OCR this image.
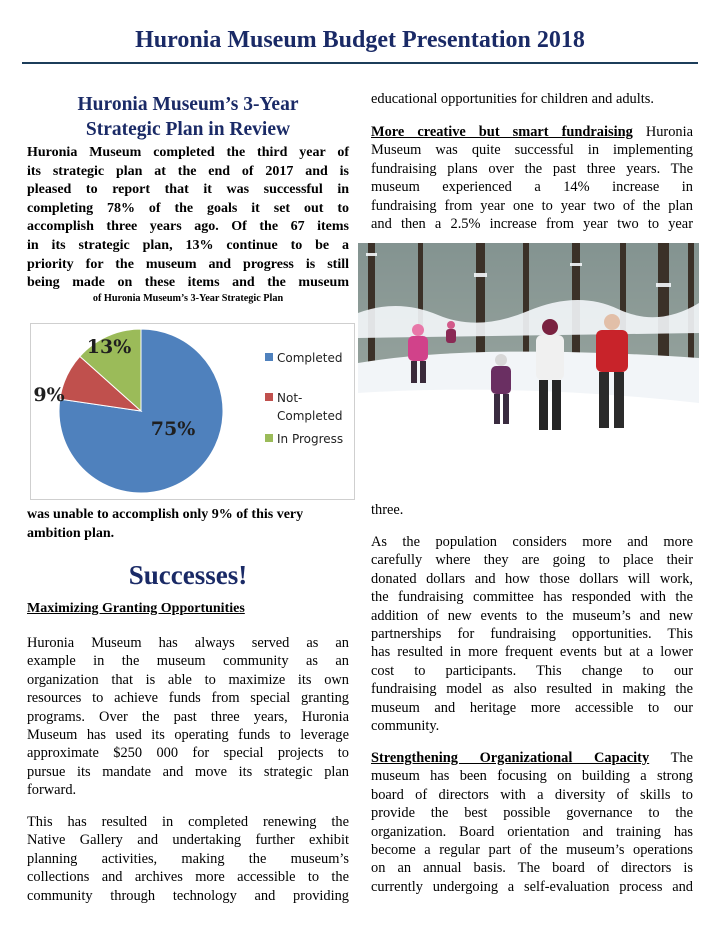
Huronia Museum Budget Presentation 2018
Huronia Museum’s 3-Year
Strategic Plan in Review
Huronia Museum completed the third year of
its strategic plan at the end of 2017 and is
pleased to report that it was successful in
completing 78% of the goals it set out to
accomplish three years ago. Of the 67 items
in its strategic plan, 13% continue to be a
priority for the museum and progress is still
being made on these items and the museum
of Huronia Museum’s 3-Year Strategic Plan
75%
9%
13%	Completed
Not-
Completed
In Progress
was unable to accomplish only 9% of this very
ambition plan.
Successes!
Maximizing Granting Opportunities
Huronia Museum has always served as an
example in the museum community as an
organization that is able to maximize its own
resources to achieve funds from special granting
programs. Over the past three years, Huronia
Museum has used its operating funds to leverage
approximate $250 000 for special projects to
pursue its mandate and move its strategic plan
forward.
This has resulted in completed renewing the
Native Gallery and undertaking further exhibit
planning activities, making the museum’s
collections and archives more accessible to the
community through technology and providing
educational opportunities for children and adults.
More creative but smart fundraising Huronia
Museum was quite successful in implementing
fundraising plans over the past three years. The
museum experienced a 14% increase in
fundraising from year one to year two of the plan
and then a 2.5% increase from year two to year
three.
As the population considers more and more
carefully where they are going to place their
donated dollars and how those dollars will work,
the fundraising committee has responded with the
addition of new events to the museum’s and new
partnerships for fundraising opportunities. This
has resulted in more frequent events but at a lower
cost to participants. This change to our
fundraising model as also resulted in making the
museum and heritage more accessible to our
community.
Strengthening Organizational Capacity The
museum has been focusing on building a strong
board of directors with a diversity of skills to
provide the best possible governance to the
organization. Board orientation and training has
become a regular part of the museum’s operations
on an annual basis. The board of directors is
currently undergoing a self-evaluation process and
